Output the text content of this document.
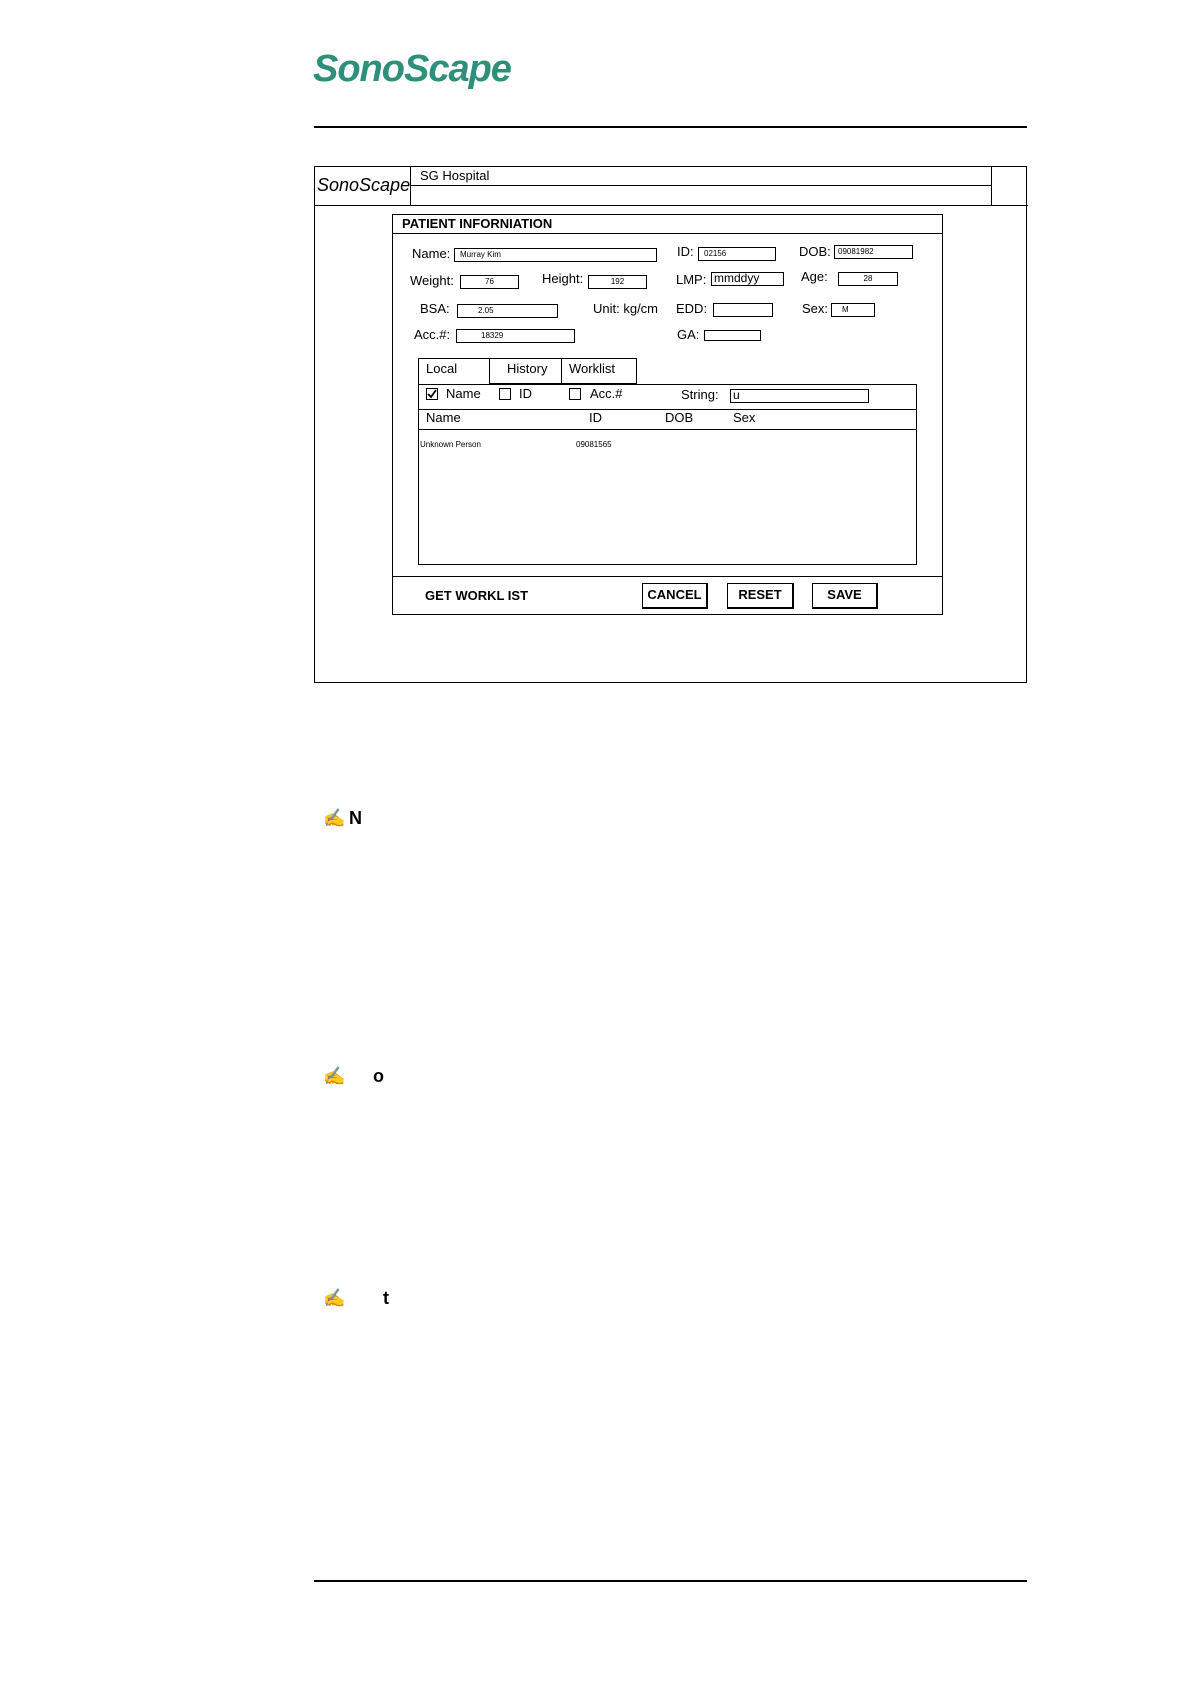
SonoScape
SonoScape SG Hospital
PATIENT INFORNIATION
Name:	Murray Kim	ID:	02156	DOB: 09081982
Weight:	76	Height:	192	LMP: mmddyy	Age:	28
BSA:	2.05	Unit: kg/cm EDD:	Sex:	M
Acc.#:	18329	GA:
Local	History	Worklist
Name	ID	Acc.#	String: u
Name	ID	DOB	Sex
Unknown Person	09081565
GET WORKL IST	CANCEL	RESET	SAVE
✍ N
✍ o
✍ t
